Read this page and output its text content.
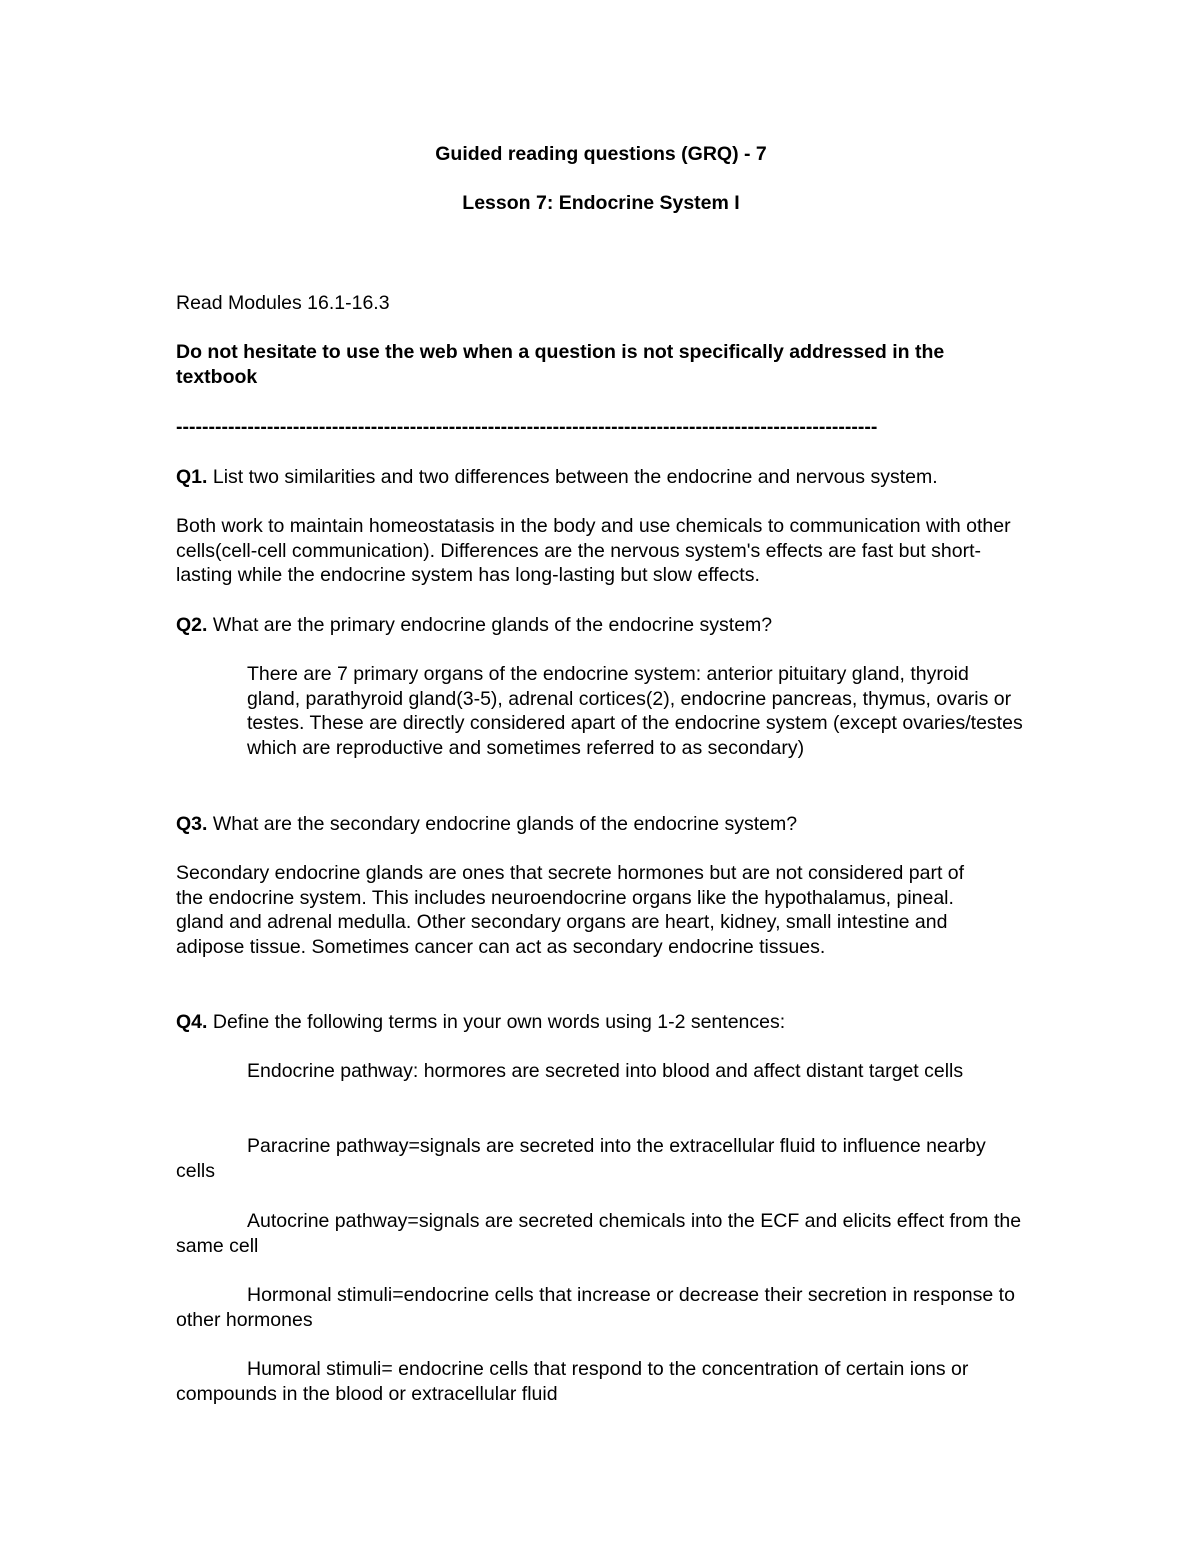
Guided reading questions (GRQ) - 7

Lesson 7: Endocrine System I

Read Modules 16.1-16.3

Do not hesitate to use the web when a question is not specifically addressed in the textbook

------------------------------------------------------------------------------------------------------------

Q1. List two similarities and two differences between the endocrine and nervous system.

Both work to maintain homeostatasis in the body and use chemicals to communication with other cells(cell-cell communication). Differences are the nervous system's effects are fast but short-lasting while the endocrine system has long-lasting but slow effects.

Q2. What are the primary endocrine glands of the endocrine system?

There are 7 primary organs of the endocrine system: anterior pituitary gland, thyroid gland, parathyroid gland(3-5), adrenal cortices(2), endocrine pancreas, thymus, ovaris or testes. These are directly considered apart of the endocrine system (except ovaries/testes which are reproductive and sometimes referred to as secondary)

Q3. What are the secondary endocrine glands of the endocrine system?

Secondary endocrine glands are ones that secrete hormones but are not considered part of the endocrine system. This includes neuroendocrine organs like the hypothalamus, pineal. gland and adrenal medulla. Other secondary organs are heart, kidney, small intestine and adipose tissue. Sometimes cancer can act as secondary endocrine tissues.

Q4. Define the following terms in your own words using 1-2 sentences:

Endocrine pathway: hormores are secreted into blood and affect distant target cells

Paracrine pathway=signals are secreted into the extracellular fluid to influence nearby cells

Autocrine pathway=signals are secreted chemicals into the ECF and elicits effect from the same cell

Hormonal stimuli=endocrine cells that increase or decrease their secretion in response to other hormones

Humoral stimuli= endocrine cells that respond to the concentration of certain ions or compounds in the blood or extracellular fluid
